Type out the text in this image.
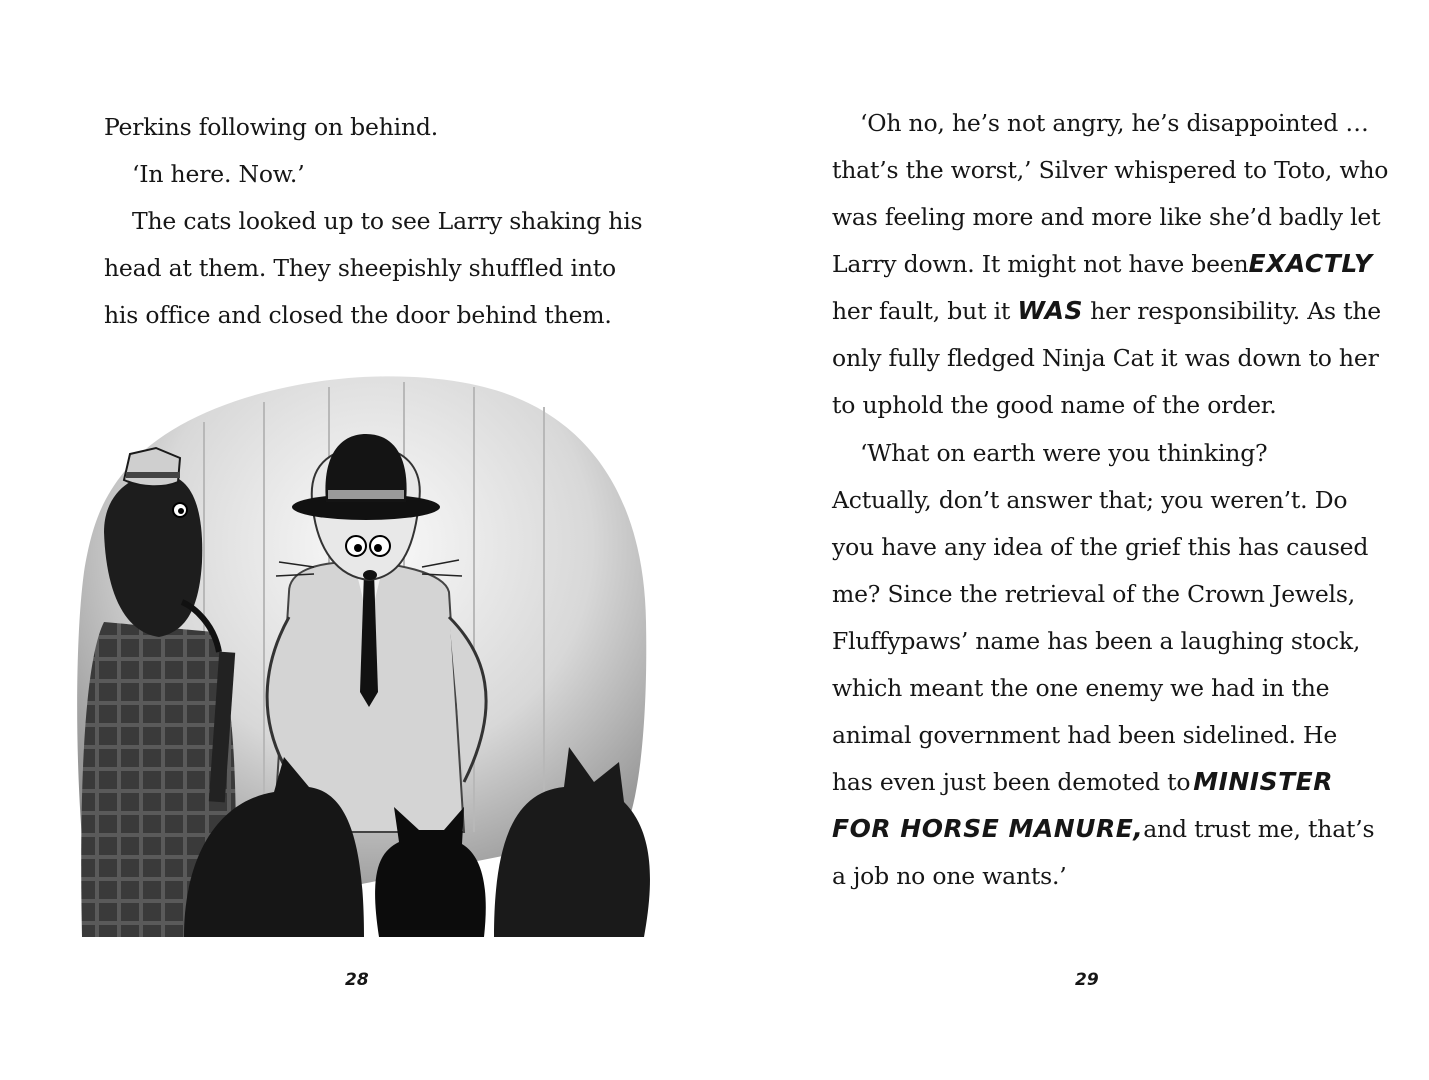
Perkins following on behind.
‘In here. Now.’
The cats looked up to see Larry shaking his
head at them. They sheepishly shuffled into
his office and closed the door behind them.
‘Oh no, he’s not angry, he’s disappointed …
that’s the worst,’ Silver whispered to Toto, who
was feeling more and more like she’d badly let
Larry down. It might not have been EXACTLY
her fault, but it WAS her responsibility. As the
only fully fledged Ninja Cat it was down to her
to uphold the good name of the order.
‘What on earth were you thinking?
Actually, don’t answer that; you weren’t. Do
you have any idea of the grief this has caused
me? Since the retrieval of the Crown Jewels,
Fluffypaws’ name has been a laughing stock,
which meant the one enemy we had in the
animal government had been sidelined. He
has even just been demoted to MINISTER
FOR HORSE MANURE, and trust me, that’s
a job no one wants.’
28	29
